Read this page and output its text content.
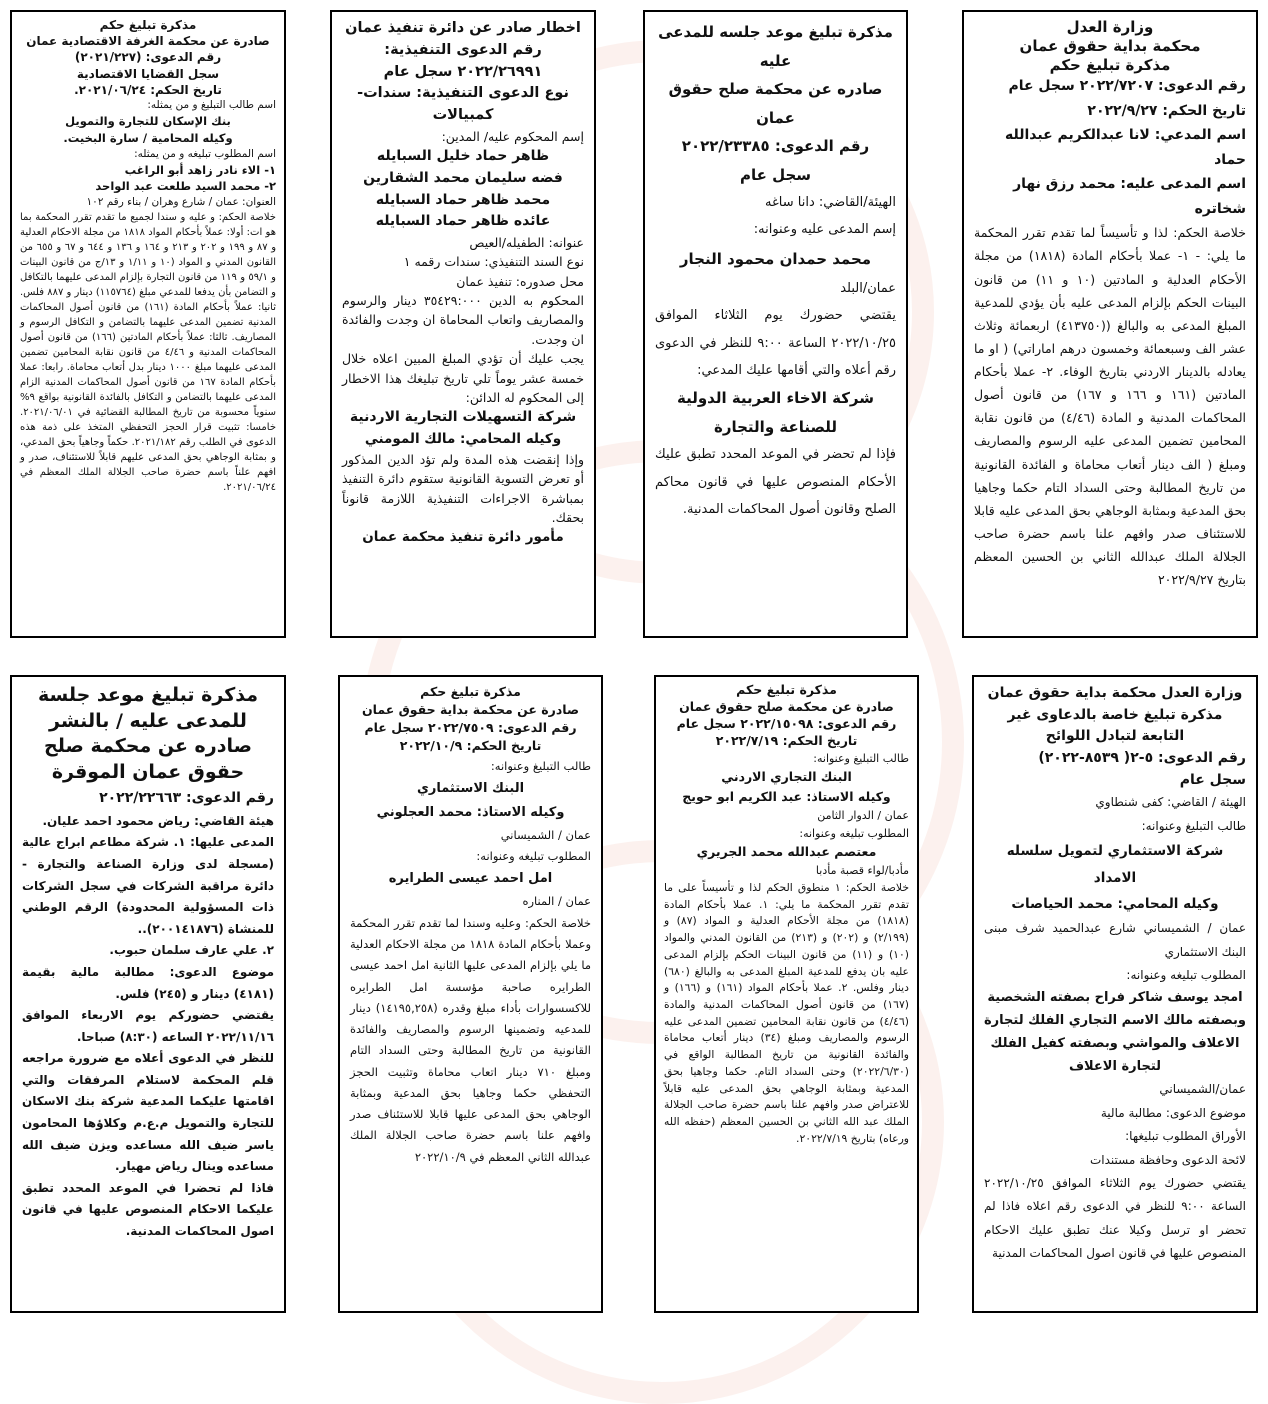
وزارة العدل
محكمة بداية حقوق عمان
مذكرة تبليغ حكم
رقم الدعوى: ٢٠٢٢/٧٢٠٧ سجل عام
تاريخ الحكم: ٢٠٢٢/٩/٢٧
اسم المدعي: لانا عبدالكريم عبدالله حماد
اسم المدعى عليه: محمد رزق نهار شخاتره
خلاصة الحكم: لذا و تأسيساً لما تقدم تقرر المحكمة ما يلي: - ١- عملا بأحكام المادة (١٨١٨) من مجلة الأحكام العدلية و المادتين (١٠ و ١١) من قانون البينات الحكم بإلزام المدعى عليه بأن يؤدي للمدعية المبلغ المدعى به والبالغ ((٤١٣٧٥٠) اربعمائة وثلاث عشر الف وسبعمائة وخمسون درهم اماراتي) ( او ما يعادله بالدينار الاردني بتاريخ الوفاء. ٢- عملا بأحكام المادتين (١٦١ و ١٦٦ و ١٦٧) من قانون أصول المحاكمات المدنية و المادة (٤/٤٦) من قانون نقابة المحامين تضمين المدعى عليه الرسوم والمصاريف ومبلغ ( الف دينار أتعاب محاماة و الفائدة القانونية من تاريخ المطالبة وحتى السداد التام حكما وجاهيا بحق المدعية وبمثابة الوجاهي بحق المدعى عليه قابلا للاستئناف صدر وافهم علنا باسم حضرة صاحب الجلالة الملك عبدالله الثاني بن الحسين المعظم بتاريخ ٢٠٢٢/٩/٢٧
مذكرة تبليغ موعد جلسه للمدعى عليه
صادره عن محكمة صلح حقوق عمان
رقم الدعوى: ٢٠٢٢/٢٣٣٨٥
سجل عام
الهيئة/القاضي: دانا ساغه
إسم المدعى عليه وعنوانه:
محمد حمدان محمود النجار
عمان/البلد
يقتضي حضورك يوم الثلاثاء الموافق ٢٠٢٢/١٠/٢٥ الساعة ٩:٠٠ للنظر في الدعوى رقم أعلاه والتي أقامها عليك المدعي:
شركة الاخاء العربية الدولية للصناعة والتجارة
فإذا لم تحضر في الموعد المحدد تطبق عليك الأحكام المنصوص عليها في قانون محاكم الصلح وقانون أصول المحاكمات المدنية.
اخطار صادر عن دائرة تنفيذ عمان
رقم الدعوى التنفيذية: ٢٠٢٢/٢٦٩٩١ سجل عام
نوع الدعوى التنفيذية: سندات-كمبيالات
إسم المحكوم عليه/ المدين:
ظاهر حماد خليل السبايله
فضه سليمان محمد الشقارين
محمد ظاهر حماد السبايله
عائده ظاهر حماد السبايله
عنوانه: الطفيله/العيص
نوع السند التنفيذي: سندات رقمه ١
محل صدوره: تنفيذ عمان
المحكوم به الدين ٣٥٤٢٩:٠٠٠ دينار والرسوم والمصاريف واتعاب المحاماة ان وجدت والفائدة ان وجدت.
يجب عليك أن تؤدي المبلغ المبين اعلاه خلال خمسة عشر يوماً تلي تاريخ تبليغك هذا الاخطار إلى المحكوم له الدائن:
شركة التسهيلات التجارية الاردنية
وكيله المحامي: مالك المومني
وإذا إنقضت هذه المدة ولم تؤد الدين المذكور أو تعرض التسوية القانونية ستقوم دائرة التنفيذ بمباشرة الاجراءات التنفيذية اللازمة قانوناً بحقك.
مأمور دائرة تنفيذ محكمة عمان
مذكرة تبليغ حكم
صادرة عن محكمة الغرفة الاقتصادية عمان
رقم الدعوى: (٢٠٢١/٢٢٧)
سجل القضايا الاقتصادية
تاريخ الحكم: ٢٠٢١/٠٦/٢٤.
اسم طالب التبليغ و من يمثله:
بنك الإسكان للتجارة والتمويل
وكيله المحامية / سارة البخيت.
اسم المطلوب تبليغه و من يمثله:
١- الاء نادر زاهد أبو الراغب
٢- محمد السيد طلعت عبد الواحد
العنوان: عمان / شارع وهران / بناء رقم ١٠٢
خلاصة الحكم: و عليه و سندا لجميع ما تقدم تقرر المحكمة بما هو ات: أولا: عملاً بأحكام المواد ١٨١٨ من مجلة الاحكام العدلية و ٨٧ و ١٩٩ و ٢٠٢ و ٢١٣ و ١٦٤ و ١٣٦ و ٦٤٤ و ٦٧ و ٦٥٥ من القانون المدني و المواد (١٠ و ١/١١ و ١٣/ج من قانون البينات و ٥٩/١ و ١١٩ من قانون التجارة بإلزام المدعى عليهما بالتكافل و التضامن بأن يدفعا للمدعي مبلغ (١١٥٧٦٤) دينار و ٨٨٧ فلس. ثانيا: عملاً بأحكام المادة (١٦١) من قانون أصول المحاكمات المدنية تضمين المدعى عليهما بالتضامن و التكافل الرسوم و المصاريف. ثالثا: عملاً بأحكام المادتين (١٦٦) من قانون أصول المحاكمات المدنية و ٤/٤٦ من قانون نقابة المحامين تضمين المدعى عليهما مبلغ ١٠٠٠ دينار بدل أتعاب محاماة. رابعا: عملا بأحكام المادة ١٦٧ من قانون أصول المحاكمات المدنية الزام المدعى عليهما بالتضامن و التكافل بالفائدة القانونية بواقع ٩% سنوياً محسوبة من تاريخ المطالبة القضائية في ٢٠٢١/٠٦/٠١. خامسا: تثبيت قرار الحجز التحفظي المتخذ على ذمة هذه الدعوى في الطلب رقم ٢٠٢١/١٨٢. حكماً وجاهياً بحق المدعي، و بمثابة الوجاهي بحق المدعى عليهم قابلاً للاستئناف، صدر و افهم علناً باسم حضرة صاحب الجلالة الملك المعظم في ٢٠٢١/٠٦/٢٤.
وزارة العدل محكمة بداية حقوق عمان
مذكرة تبليغ خاصة بالدعاوى غير التابعة لتبادل اللوائح
رقم الدعوى: ٥-٢( ٨٥٣٩-٢٠٢٢)
سجل عام
الهيئة / القاضي: كفى شنطاوي
طالب التبليغ وعنوانه:
شركة الاستثماري لتمويل سلسله الامداد
وكيله المحامي: محمد الحياصات
عمان / الشميساني شارع عبدالحميد شرف مبنى البنك الاستثماري
المطلوب تبليغه وعنوانه:
امجد يوسف شاكر فراح بصفته الشخصية وبصفته مالك الاسم التجاري الفلك لتجارة الاعلاف والمواشي وبصفته كفيل الفلك لتجارة الاعلاف
عمان/الشميساني
موضوع الدعوى: مطالبة مالية
الأوراق المطلوب تبليغها:
لائحة الدعوى وحافظة مستندات
يقتضي حضورك يوم الثلاثاء الموافق ٢٠٢٢/١٠/٢٥ الساعة ٩:٠٠ للنظر في الدعوى رقم اعلاه فاذا لم تحضر او ترسل وكيلا عنك تطبق عليك الاحكام المنصوص عليها في قانون اصول المحاكمات المدنية
مذكرة تبليغ حكم
صادرة عن محكمة صلح حقوق عمان
رقم الدعوى: ٢٠٢٢/١٥٠٩٨ سجل عام
تاريخ الحكم: ٢٠٢٢/٧/١٩
طالب التبليغ وعنوانه:
البنك التجاري الاردني
وكيله الاستاذ: عبد الكريم ابو حويج
عمان / الدوار الثامن
المطلوب تبليغه وعنوانه:
معتصم عبدالله محمد الجريري
مأدبا/لواء قصبة مأدبا
خلاصة الحكم: ١ منطوق الحكم لذا و تأسيساً على ما تقدم تقرر المحكمة ما يلي: ١. عملا بأحكام المادة (١٨١٨) من مجلة الأحكام العدلية و المواد (٨٧) و (٢/١٩٩) و (٢٠٢) و (٢١٣) من القانون المدني والمواد (١٠) و (١١) من قانون البينات الحكم بإلزام المدعى عليه بان يدفع للمدعية المبلغ المدعى به والبالغ (٦٨٠) دينار وفلس. ٢. عملا بأحكام المواد (١٦١) و (١٦٦) و (١٦٧) من قانون أصول المحاكمات المدنية والمادة (٤/٤٦) من قانون نقابة المحامين تضمين المدعى عليه الرسوم والمصاريف ومبلغ (٣٤) دينار أتعاب محاماة والفائدة القانونية من تاريخ المطالبة الواقع في (٢٠٢٢/٦/٣٠) وحتى السداد التام. حكما وجاهيا بحق المدعية وبمثابة الوجاهي بحق المدعى عليه قابلاً للاعتراض صدر وافهم علنا باسم حضرة صاحب الجلالة الملك عبد الله الثاني بن الحسين المعظم (حفظه الله ورعاه) بتاريخ ٢٠٢٢/٧/١٩.
مذكرة تبليغ حكم
صادرة عن محكمة بداية حقوق عمان
رقم الدعوى: ٢٠٢٢/٧٥٠٩ سجل عام
تاريخ الحكم: ٢٠٢٢/١٠/٩
طالب التبليغ وعنوانه:
البنك الاستثماري
وكيله الاستاذ: محمد العجلوني
عمان / الشميساني
المطلوب تبليغه وعنوانه:
امل احمد عيسى الطرايره
عمان / المناره
خلاصة الحكم: وعليه وسندا لما تقدم تقرر المحكمة وعملا بأحكام المادة ١٨١٨ من مجلة الاحكام العدلية ما يلي بإلزام المدعى عليها الثانية امل احمد عيسى الطرايره صاحبة مؤسسة امل الطرايره للاكسسوارات بأداء مبلغ وقدره (١٤١٩٥,٢٥٨) دينار للمدعيه وتضمينها الرسوم والمصاريف والفائدة القانونية من تاريخ المطالبة وحتى السداد التام ومبلغ ٧١٠ دينار اتعاب محاماة وتثبيت الحجز التحفظي حكما وجاهيا بحق المدعية وبمثابة الوجاهي بحق المدعى عليها قابلا للاستئناف صدر وافهم علنا باسم حضرة صاحب الجلالة الملك عبدالله الثاني المعظم في ٢٠٢٢/١٠/٩
مذكرة تبليغ موعد جلسة للمدعى عليه / بالنشر صادره عن محكمة صلح حقوق عمان الموقرة
رقم الدعوى: ٢٠٢٢/٢٢٦٦٣
هيئة القاضي: رياض محمود احمد عليان.
المدعى عليها: ١. شركة مطاعم ابراج عالية (مسجلة لدى وزارة الصناعة والتجارة - دائرة مراقبة الشركات في سجل الشركات ذات المسؤولية المحدودة) الرقم الوطني للمنشاة (٢٠٠١٤١٨٧٦)..
٢. علي عارف سلمان حبوب.
موضوع الدعوى: مطالبة مالية بقيمة (٤١٨١) دينار و (٢٤٥) فلس.
يقتضي حضوركم يوم الاربعاء الموافق ٢٠٢٢/١١/١٦ الساعه (٨:٣٠) صباحا.
للنظر في الدعوى أعلاه مع ضرورة مراجعه قلم المحكمة لاستلام المرفقات والتي اقامتها عليكما المدعية شركة بنك الاسكان للتجارة والتمويل م.ع.م وكلاؤها المحامون ياسر ضيف الله مساعده ويزن ضيف الله مساعده وينال رياض مهيار.
فاذا لم تحضرا في الموعد المحدد تطبق عليكما الاحكام المنصوص عليها في قانون اصول المحاكمات المدنية.
